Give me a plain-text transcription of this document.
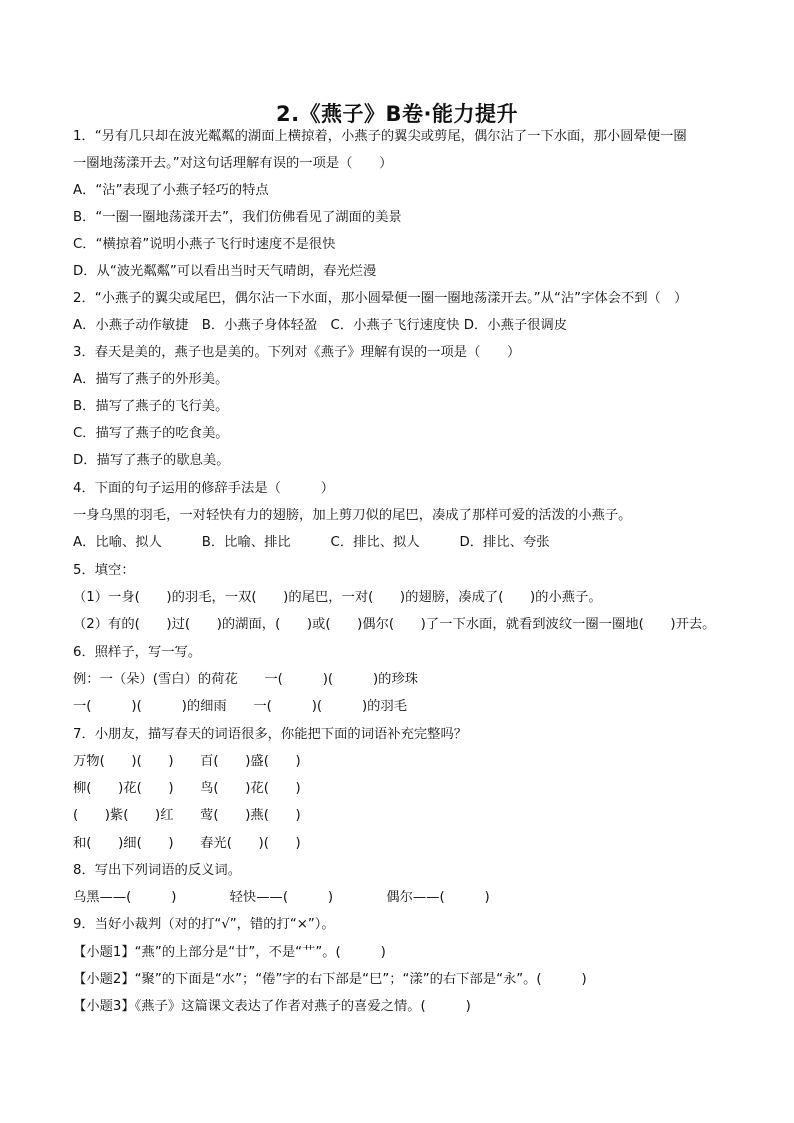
2.《燕子》B卷·能力提升
1．“另有几只却在波光粼粼的湖面上横掠着，小燕子的翼尖或剪尾，偶尔沾了一下水面，那小圆晕便一圈
一圈地荡漾开去。”对这句话理解有误的一项是（　　）
A．“沾”表现了小燕子轻巧的特点
B．“一圈一圈地荡漾开去”，我们仿佛看见了湖面的美景
C．“横掠着”说明小燕子飞行时速度不是很快
D．从“波光粼粼”可以看出当时天气晴朗，春光烂漫
2．“小燕子的翼尖或尾巴，偶尔沾一下水面，那小圆晕便一圈一圈地荡漾开去。”从“沾”字体会不到（　）
A．小燕子动作敏捷　B．小燕子身体轻盈　C．小燕子飞行速度快 D．小燕子很调皮
3．春天是美的，燕子也是美的。下列对《燕子》理解有误的一项是（　　）
A．描写了燕子的外形美。
B．描写了燕子的飞行美。
C．描写了燕子的吃食美。
D．描写了燕子的歇息美。
4．下面的句子运用的修辞手法是（　　　）
一身乌黑的羽毛，一对轻快有力的翅膀，加上剪刀似的尾巴，凑成了那样可爱的活泼的小燕子。
A．比喻、拟人　　　B．比喻、排比　　　C．排比、拟人　　　D．排比、夸张
5．填空：
（1）一身(　　)的羽毛，一双(　　)的尾巴，一对(　　)的翅膀，凑成了(　　)的小燕子。
（2）有的(　　)过(　　)的湖面，(　　)或(　　)偶尔(　　)了一下水面，就看到波纹一圈一圈地(　　)开去。
6．照样子，写一写。
例：一（朵）(雪白）的荷花　　一(　　　)(　　　)的珍珠
一(　　　)(　　　)的细雨　　一(　　　)(　　　)的羽毛
7．小朋友，描写春天的词语很多，你能把下面的词语补充完整吗？
万物(　　)(　　)　　百(　　)盛(　　)
柳(　　)花(　　)　　鸟(　　)花(　　)
(　　)紫(　　)红　　莺(　　)燕(　　)
和(　　)细(　　)　　春光(　　)(　　)
8．写出下列词语的反义词。
乌黑——(　　　)　　　　轻快——(　　　)　　　　偶尔——(　　　)
9．当好小裁判（对的打“√”，错的打“×”）。
【小题1】“燕”的上部分是“廿”，不是“艹”。(　　　)
【小题2】“聚”的下面是“水”；“倦”字的右下部是“巳”；“漾”的右下部是“永”。(　　　)
【小题3】《燕子》这篇课文表达了作者对燕子的喜爱之情。(　　　)
